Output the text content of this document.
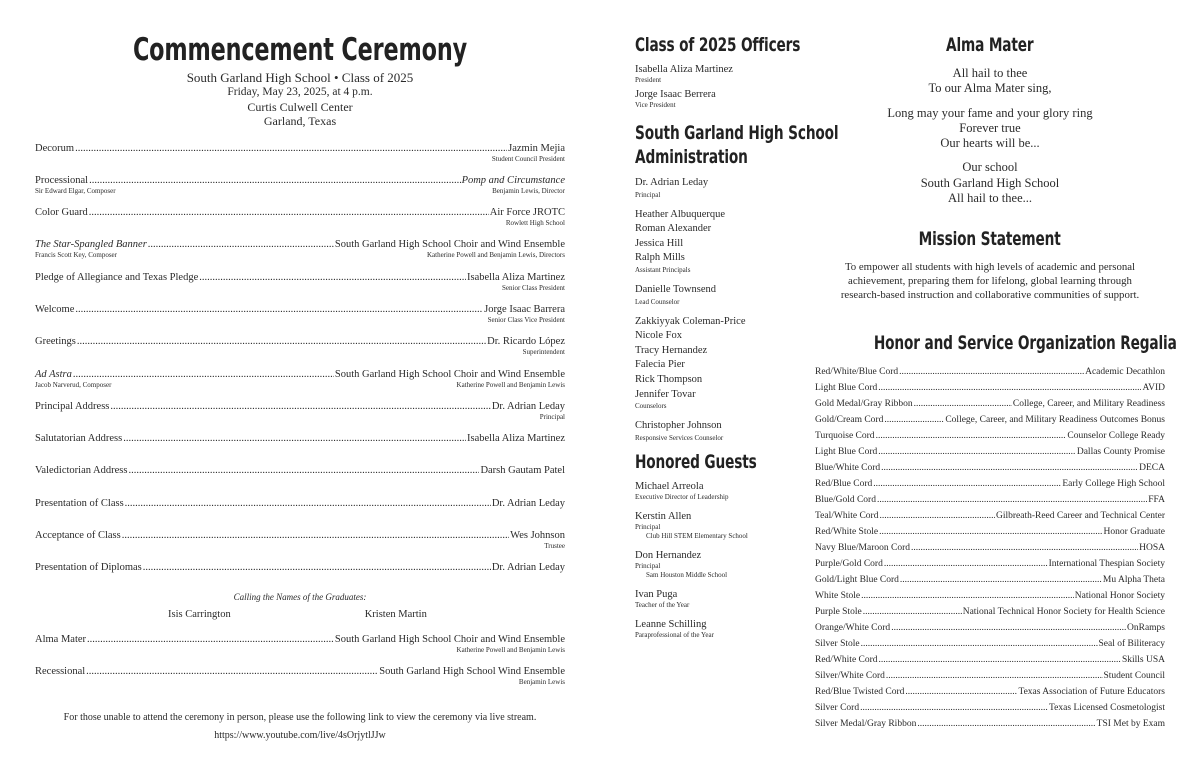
Commencement Ceremony
South Garland High School • Class of 2025
Friday, May 23, 2025, at 4 p.m.
Curtis Culwell Center
Garland, Texas
Decorum .....	Jazmin Mejia
Student Council President
Processional .....	Pomp and Circumstance
Sir Edward Elgar, Composer	Benjamin Lewis, Director
Color Guard .....	Air Force JROTC
Rowlett High School
The Star-Spangled Banner .....	South Garland High School Choir and Wind Ensemble
Francis Scott Key, Composer	Katherine Powell and Benjamin Lewis, Directors
Pledge of Allegiance and Texas Pledge .....	Isabella Aliza Martinez
Senior Class President
Welcome .....	Jorge Isaac Barrera
Senior Class Vice President
Greetings .....	Dr. Ricardo López
Superintendent
Ad Astra .....	South Garland High School Choir and Wind Ensemble
Jacob Narverud, Composer	Katherine Powell and Benjamin Lewis
Principal Address .....	Dr. Adrian Leday
Principal
Salutatorian Address .....	Isabella Aliza Martinez
Valedictorian Address .....	Darsh Gautam Patel
Presentation of Class .....	Dr. Adrian Leday
Acceptance of Class .....	Wes Johnson
Trustee
Presentation of Diplomas .....	Dr. Adrian Leday
Calling the Names of the Graduates:
Isis Carrington	Kristen Martin
Alma Mater .....	South Garland High School Choir and Wind Ensemble
Katherine Powell and Benjamin Lewis
Recessional .....	South Garland High School Wind Ensemble
Benjamin Lewis
For those unable to attend the ceremony in person, please use the following link to view the ceremony via live stream.
https://www.youtube.com/live/4sOrjytlJJw
Class of 2025 Officers
Isabella Aliza Martinez
President
Jorge Isaac Berrera
Vice President
South Garland High School
Administration
Dr. Adrian Leday
Principal
Heather Albuquerque
Roman Alexander
Jessica Hill
Ralph Mills
Assistant Principals
Danielle Townsend
Lead Counselor
Zakkiyyak Coleman-Price
Nicole Fox
Tracy Hernandez
Falecia Pier
Rick Thompson
Jennifer Tovar
Counselors
Christopher Johnson
Responsive Services Counselor
Honored Guests
Michael Arreola
Executive Director of Leadership
Kerstin Allen
Principal
Club Hill STEM Elementary School
Don Hernandez
Principal
Sam Houston Middle School
Ivan Puga
Teacher of the Year
Leanne Schilling
Paraprofessional of the Year
Alma Mater

All hail to thee

To our Alma Mater sing,

Long may your fame and your glory ring

Forever true

Our hearts will be...

Our school

South Garland High School

All hail to thee...

Mission Statement
To empower all students with high levels of academic and personal achievement, preparing them for lifelong, global learning through research-based instruction and collaborative communities of support.
Honor and Service Organization Regalia
Red/White/Blue Cord .....	Academic Decathlon
Light Blue Cord .....	AVID
Gold Medal/Gray Ribbon .....	College, Career, and Military Readiness
Gold/Cream Cord .....	College, Career, and Military Readiness Outcomes Bonus
Turquoise Cord .....	Counselor College Ready
Light Blue Cord .....	Dallas County Promise
Blue/White Cord .....	DECA
Red/Blue Cord .....	Early College High School
Blue/Gold Cord .....	FFA
Teal/White Cord .....	Gilbreath-Reed Career and Technical Center
Red/White Stole .....	Honor Graduate
Navy Blue/Maroon Cord .....	HOSA
Purple/Gold Cord .....	International Thespian Society
Gold/Light Blue Cord .....	Mu Alpha Theta
White Stole .....	National Honor Society
Purple Stole .....	National Technical Honor Society for Health Science
Orange/White Cord .....	OnRamps
Silver Stole .....	Seal of Biliteracy
Red/White Cord .....	Skills USA
Silver/White Cord .....	Student Council
Red/Blue Twisted Cord .....	Texas Association of Future Educators
Silver Cord .....	Texas Licensed Cosmetologist
Silver Medal/Gray Ribbon .....	TSI Met by Exam
